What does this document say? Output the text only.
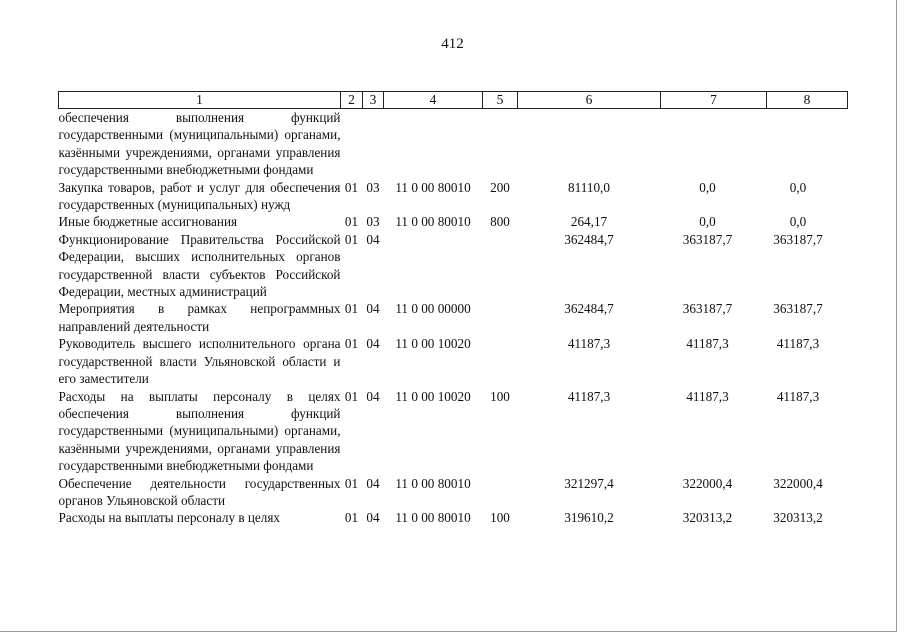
412
1	2	3	4	5	6	7	8
обеспечения выполнения функций государственными (муниципальными) органами, казёнными учреждениями, органами управления государственными внебюджетными фондами							
Закупка товаров, работ и услуг для обеспечения государственных (муниципальных) нужд	01	03	11 0 00 80010	200	81110,0	0,0	0,0
Иные бюджетные ассигнования	01	03	11 0 00 80010	800	264,17	0,0	0,0
Функционирование Правительства Российской Федерации, высших исполнительных органов государственной власти субъектов Российской Федерации, местных администраций	01	04			362484,7	363187,7	363187,7
Мероприятия в рамках непрограммных направлений деятельности	01	04	11 0 00 00000		362484,7	363187,7	363187,7
Руководитель высшего исполнительного органа государственной власти Ульяновской области и его заместители	01	04	11 0 00 10020		41187,3	41187,3	41187,3
Расходы на выплаты персоналу в целях обеспечения выполнения функций государственными (муниципальными) органами, казёнными учреждениями, органами управления государственными внебюджетными фондами	01	04	11 0 00 10020	100	41187,3	41187,3	41187,3
Обеспечение деятельности государственных органов Ульяновской области	01	04	11 0 00 80010		321297,4	322000,4	322000,4
Расходы на выплаты персоналу в целях	01	04	11 0 00 80010	100	319610,2	320313,2	320313,2
